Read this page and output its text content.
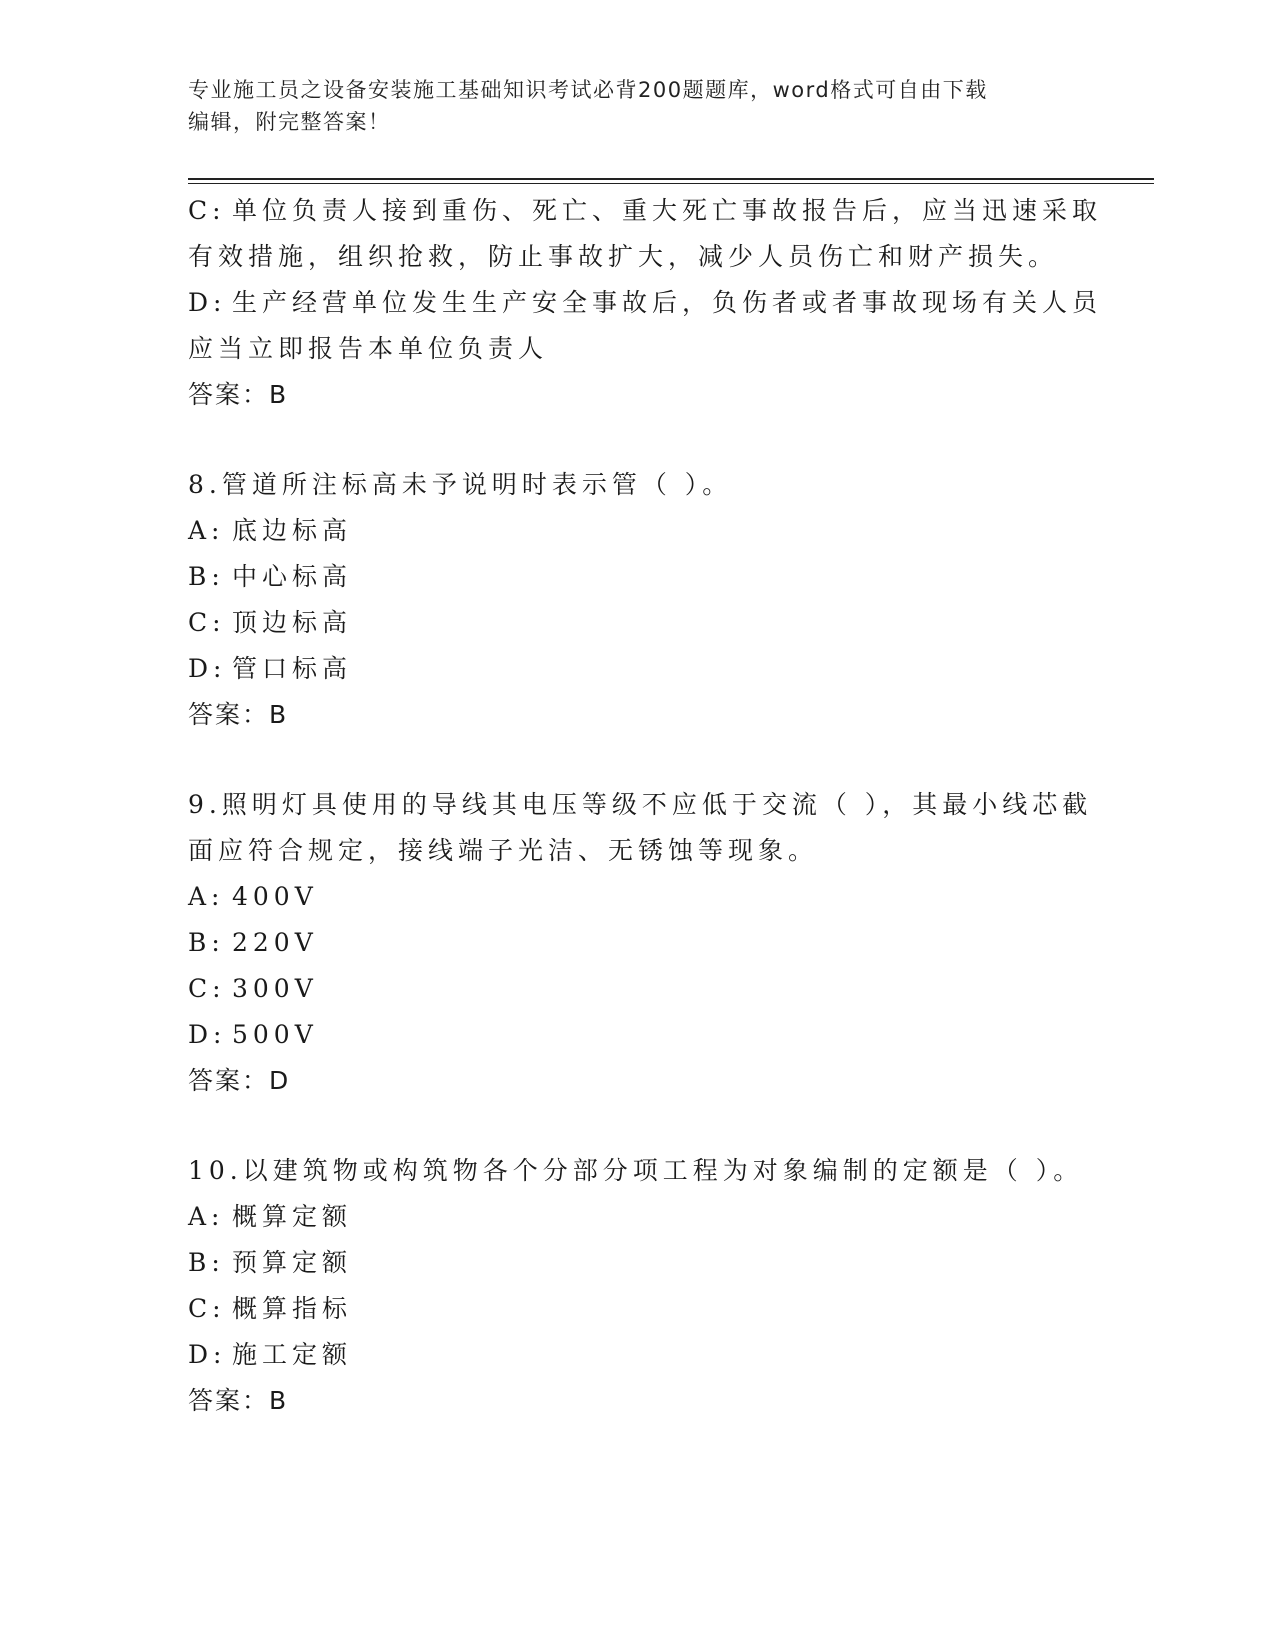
专业施工员之设备安装施工基础知识考试必背200题题库，word格式可自由下载
编辑，附完整答案！
C: 单位负责人接到重伤、死亡、重大死亡事故报告后，应当迅速采取
有效措施，组织抢救，防止事故扩大，减少人员伤亡和财产损失。
D: 生产经营单位发生生产安全事故后，负伤者或者事故现场有关人员
应当立即报告本单位负责人
答案：B
8.管道所注标高未予说明时表示管（ ）。
A: 底边标高
B: 中心标高
C: 顶边标高
D: 管口标高
答案：B
9.照明灯具使用的导线其电压等级不应低于交流（ ），其最小线芯截
面应符合规定，接线端子光洁、无锈蚀等现象。
A: 400V
B: 220V
C: 300V
D: 500V
答案：D
10.以建筑物或构筑物各个分部分项工程为对象编制的定额是（ ）。
A: 概算定额
B: 预算定额
C: 概算指标
D: 施工定额
答案：B
